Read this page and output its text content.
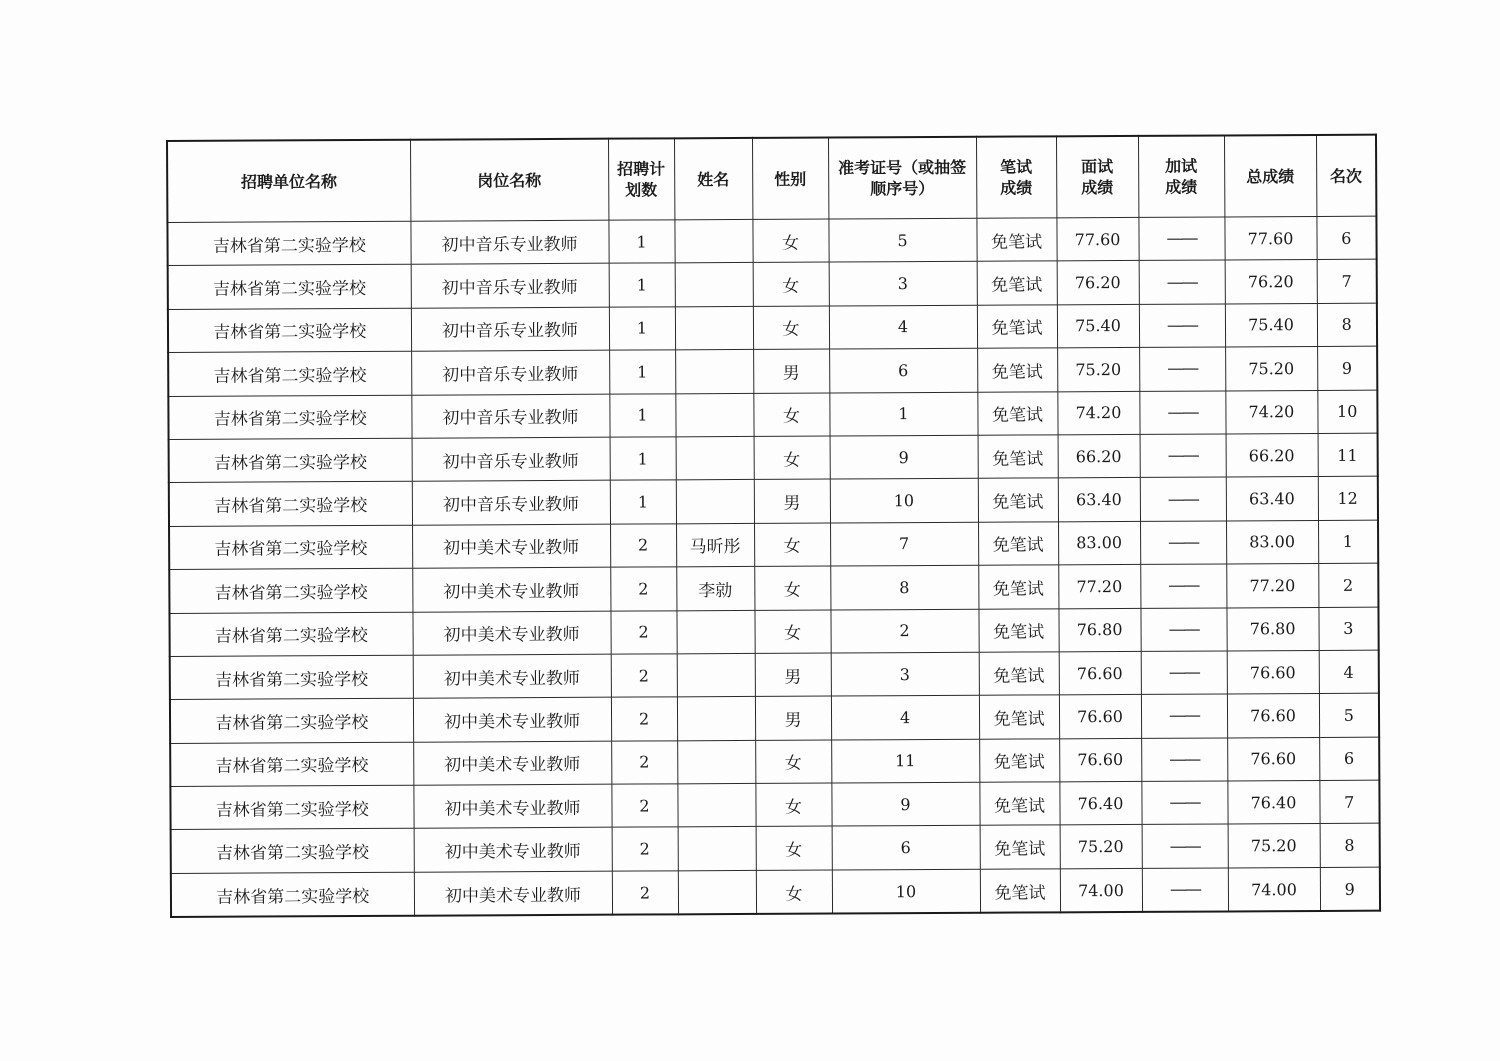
招聘单位名称	岗位名称	招聘计划数	姓名	性别	准考证号（或抽签顺序号）	笔试成绩	面试成绩	加试成绩	总成绩	名次
吉林省第二实验学校	初中音乐专业教师	1		女	5	免笔试	77.60	——	77.60	6
吉林省第二实验学校	初中音乐专业教师	1		女	3	免笔试	76.20	——	76.20	7
吉林省第二实验学校	初中音乐专业教师	1		女	4	免笔试	75.40	——	75.40	8
吉林省第二实验学校	初中音乐专业教师	1		男	6	免笔试	75.20	——	75.20	9
吉林省第二实验学校	初中音乐专业教师	1		女	1	免笔试	74.20	——	74.20	10
吉林省第二实验学校	初中音乐专业教师	1		女	9	免笔试	66.20	——	66.20	11
吉林省第二实验学校	初中音乐专业教师	1		男	10	免笔试	63.40	——	63.40	12
吉林省第二实验学校	初中美术专业教师	2	马昕彤	女	7	免笔试	83.00	——	83.00	1
吉林省第二实验学校	初中美术专业教师	2	李勍	女	8	免笔试	77.20	——	77.20	2
吉林省第二实验学校	初中美术专业教师	2		女	2	免笔试	76.80	——	76.80	3
吉林省第二实验学校	初中美术专业教师	2		男	3	免笔试	76.60	——	76.60	4
吉林省第二实验学校	初中美术专业教师	2		男	4	免笔试	76.60	——	76.60	5
吉林省第二实验学校	初中美术专业教师	2		女	11	免笔试	76.60	——	76.60	6
吉林省第二实验学校	初中美术专业教师	2		女	9	免笔试	76.40	——	76.40	7
吉林省第二实验学校	初中美术专业教师	2		女	6	免笔试	75.20	——	75.20	8
吉林省第二实验学校	初中美术专业教师	2		女	10	免笔试	74.00	——	74.00	9
